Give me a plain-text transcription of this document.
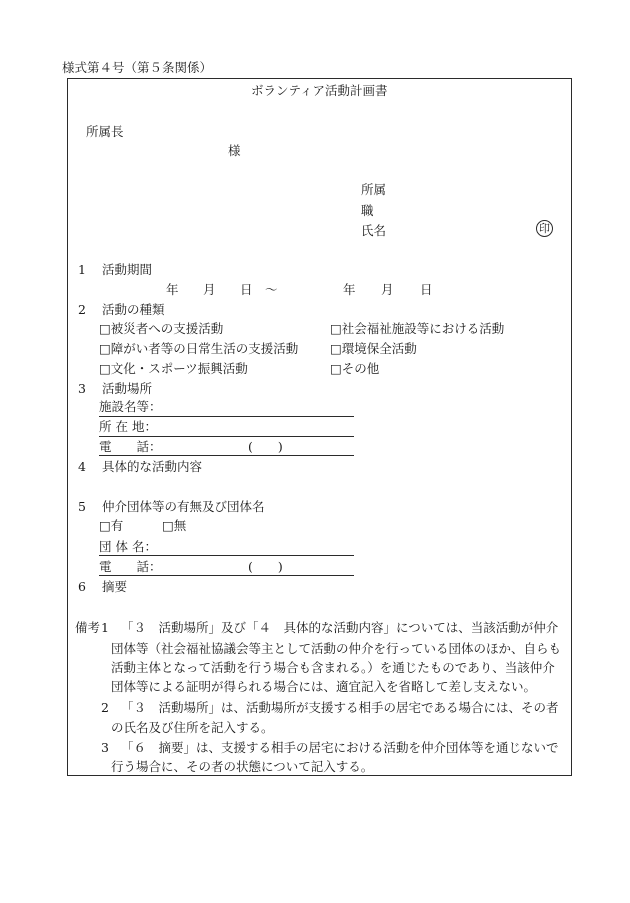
様式第４号（第５条関係）
ボランティア活動計画書
所属長
様
所属
職
氏名	印
1 活動期間
年 月 日 ～	年 月 日
2 活動の種類
□被災者への支援活動	□社会福祉施設等における活動
□障がい者等の日常生活の支援活動	□環境保全活動
□文化・スポーツ振興活動	□その他
3 活動場所
施設名等：
所 在 地：
電　　話：	(　　)
4 具体的な活動内容
5 仲介団体等の有無及び団体名
□有	□無
団 体 名：
電　　話：	(　　)
6 摘要
備考 1 「３　活動場所」及び「４　具体的な活動内容」については、当該活動が仲介
団体等（社会福祉協議会等主として活動の仲介を行っている団体のほか、自らも
活動主体となって活動を行う場合も含まれる。）を通じたものであり、当該仲介
団体等による証明が得られる場合には、適宜記入を省略して差し支えない。
2 「３　活動場所」は、活動場所が支援する相手の居宅である場合には、その者
の氏名及び住所を記入する。
3 「６　摘要」は、支援する相手の居宅における活動を仲介団体等を通じないで
行う場合に、その者の状態について記入する。
